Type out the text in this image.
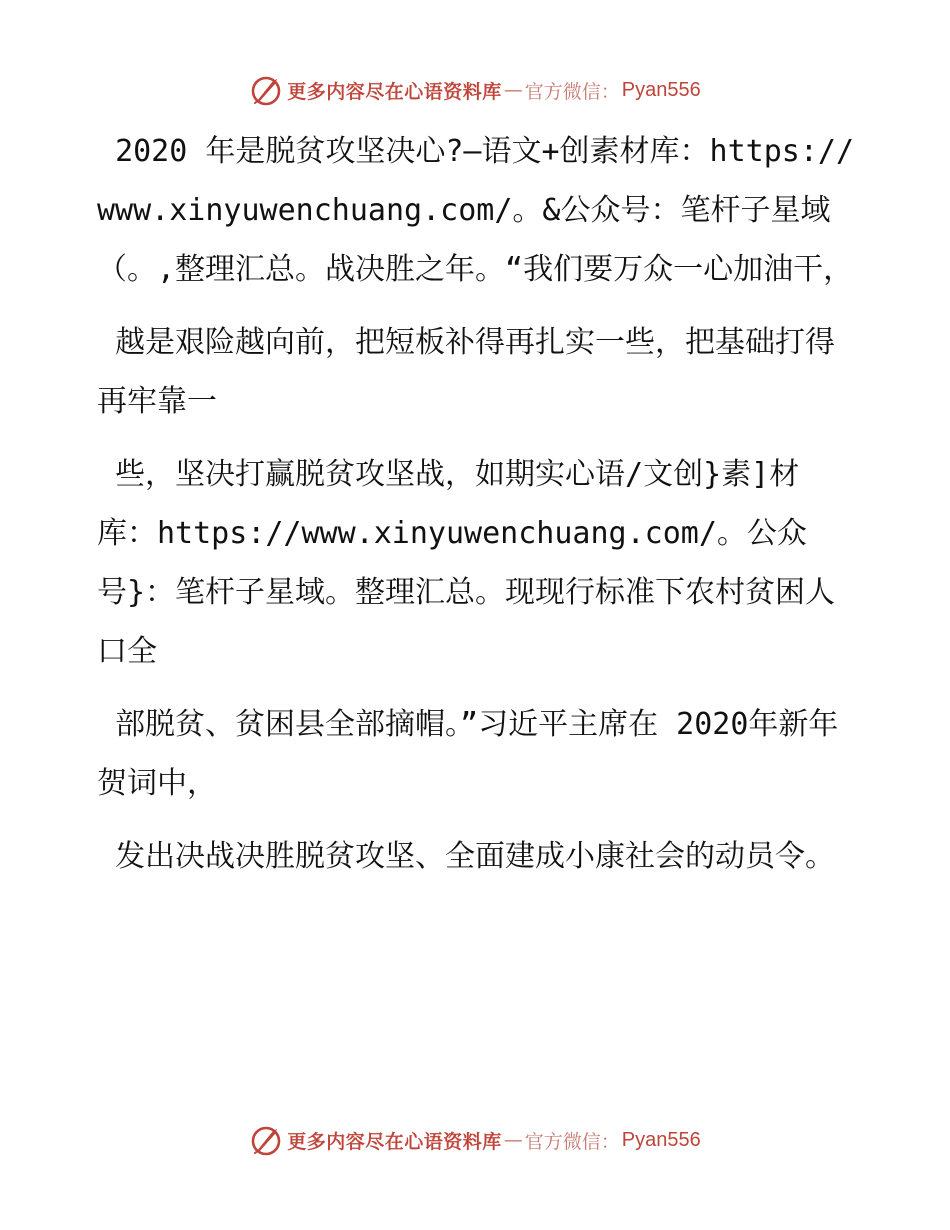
更多内容尽在心语资料库 — 官方微信： Pyan556

2020 年是脱贫攻坚决心?—语文+创素材库：https://www.xinyuwenchuang.com/。&公众号：笔杆子星域（。,整理汇总。战决胜之年。“我们要万众一心加油干，

越是艰险越向前，把短板补得再扎实一些，把基础打得再牢靠一

些，坚决打赢脱贫攻坚战，如期实心语/文创}素]材库：https://www.xinyuwenchuang.com/。公众号}：笔杆子星域。整理汇总。现现行标准下农村贫困人口全

部脱贫、贫困县全部摘帽。”习近平主席在 2020年新年贺词中，

发出决战决胜脱贫攻坚、全面建成小康社会的动员令。

更多内容尽在心语资料库 — 官方微信： Pyan556
